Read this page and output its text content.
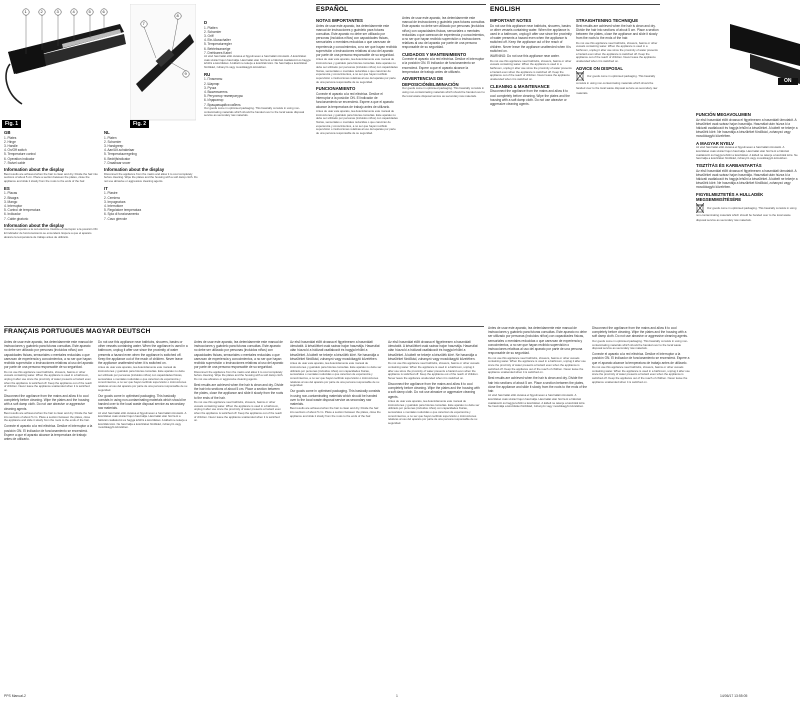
1	2	3	4	5	6
Fig. 1
7
8
9
Fig. 2
ON
GB
1. Plates
2. Hinge
3. Handle
4. On/Off switch
5. Temperature control
6. Operation indicator
7. Swivel cable
Information about the display
Best results are achieved when the hair is clean and dry. Divide the hair into sections of about 5 cm. Place a section between the plates, close the appliance and slide it slowly from the roots to the ends of the hair.
ES
1. Placas
2. Bisagra
3. Mango
4. Interruptor
5. Control de temperatura
6. Indicador
7. Cable giratorio
Information about the display
Conecte el aparato a la red eléctrica. Deslice el interruptor a la posición ON. El indicador de funcionamiento se encenderá. Espere a que el aparato alcance la temperatura de trabajo antes de utilizarlo.
NL
1. Platen
2. Scharnier
3. Handgreep
4. Aan/Uit-schakelaar
5. Temperatuurregeling
6. Bedrijfsindicator
7. Draaibaar snoer
Information about the display
Disconnect the appliance from the mains and allow it to cool completely before cleaning. Wipe the plates and the housing with a soft damp cloth. Do not use abrasive or aggressive cleaning agents.
IT
1. Piastre
2. Cerniera
3. Impugnatura
4. Interruttore
5. Regolatore temperatura
6. Spia di funzionamento
7. Cavo girevole
D
1. Platten
2. Scharnier
3. Griff
4. Ein-/Ausschalter
5. Temperaturregler
6. Betriebsanzeige
7. Drehbares Kabel
Az első használat előtt olvassa el figyelmesen a használati útmutatót. A készüléket csak száraz hajon használja. Használat után húzza ki a hálózati csatlakozót és hagyja lehűlni a készüléket. A kábelt ne tekerje a készülék köré. Ne használja a készüléket fürdőkád, zuhanyzó vagy mosdókagyló közelében.
RU
1. Пластины
2. Шарнир
3. Ручка
4. Выключатель
5. Регулятор температуры
6. Индикатор
7. Вращающийся кабель
Our goods come in optimised packaging. This basically consists in using non-contaminating materials which should be handed over to the local waste disposal service as secondary raw materials.
ESPAÑOL
NOTAS IMPORTANTES

Antes de usar este aparato, lea detenidamente este manual de instrucciones y guárdelo para futuras consultas. Este aparato no debe ser utilizado por personas (incluidos niños) con capacidades físicas, sensoriales o mentales reducidas o que carezcan de experiencia y conocimientos, a no ser que hayan recibido supervisión o instrucciones relativas al uso del aparato por parte de una persona responsable de su seguridad.

Antes de usar este aparato, lea detenidamente este manual de instrucciones y guárdelo para futuras consultas. Este aparato no debe ser utilizado por personas (incluidos niños) con capacidades físicas, sensoriales o mentales reducidas o que carezcan de experiencia y conocimientos, a no ser que hayan recibido supervisión o instrucciones relativas al uso del aparato por parte de una persona responsable de su seguridad.

FUNCIONAMIENTO

Conecte el aparato a la red eléctrica. Deslice el interruptor a la posición ON. El indicador de funcionamiento se encenderá. Espere a que el aparato alcance la temperatura de trabajo antes de utilizarlo.

Antes de usar este aparato, lea detenidamente este manual de instrucciones y guárdelo para futuras consultas. Este aparato no debe ser utilizado por personas (incluidos niños) con capacidades físicas, sensoriales o mentales reducidas o que carezcan de experiencia y conocimientos, a no ser que hayan recibido supervisión o instrucciones relativas al uso del aparato por parte de una persona responsable de su seguridad.

Antes de usar este aparato, lea detenidamente este manual de instrucciones y guárdelo para futuras consultas. Este aparato no debe ser utilizado por personas (incluidos niños) con capacidades físicas, sensoriales o mentales reducidas o que carezcan de experiencia y conocimientos, a no ser que hayan recibido supervisión o instrucciones relativas al uso del aparato por parte de una persona responsable de su seguridad.

CUIDADOS Y MANTENIMIENTO

Conecte el aparato a la red eléctrica. Deslice el interruptor a la posición ON. El indicador de funcionamiento se encenderá. Espere a que el aparato alcance la temperatura de trabajo antes de utilizarlo.

ADVERTENCIAS DE DEPOSICIÓN/ELIMINACIÓN

Our goods come in optimised packaging. This basically consists in using non-contaminating materials which should be handed over to the local waste disposal service as secondary raw materials.

ENGLISH
IMPORTANT NOTES

Do not use this appliance near bathtubs, showers, basins or other vessels containing water. When the appliance is used in a bathroom, unplug it after use since the proximity of water presents a hazard even when the appliance is switched off. Keep the appliance out of the reach of children. Never leave the appliance unattended when it is switched on.

WARNING: Do not use this appliance near water.

Do not use this appliance near bathtubs, showers, basins or other vessels containing water. When the appliance is used in a bathroom, unplug it after use since the proximity of water presents a hazard even when the appliance is switched off. Keep the appliance out of the reach of children. Never leave the appliance unattended when it is switched on.

CLEANING & MAINTENANCE

Disconnect the appliance from the mains and allow it to cool completely before cleaning. Wipe the plates and the housing with a soft damp cloth. Do not use abrasive or aggressive cleaning agents.

STRAIGHTENING TECHNIQUE

Best results are achieved when the hair is clean and dry. Divide the hair into sections of about 5 cm. Place a section between the plates, close the appliance and slide it slowly from the roots to the ends of the hair.

Do not use this appliance near bathtubs, showers, basins or other vessels containing water. When the appliance is used in a bathroom, unplug it after use since the proximity of water presents a hazard even when the appliance is switched off. Keep the appliance out of the reach of children. Never leave the appliance unattended when it is switched on.

ADVICE ON DISPOSAL
Our goods come in optimised packaging. This basically consists in using non-contaminating materials which should be handed over to the local waste disposal service as secondary raw materials.
FRANÇAIS PORTUGUES MAGYAR DEUTSCH

Antes de usar este aparato, lea detenidamente este manual de instrucciones y guárdelo para futuras consultas. Este aparato no debe ser utilizado por personas (incluidos niños) con capacidades físicas, sensoriales o mentales reducidas o que carezcan de experiencia y conocimientos, a no ser que hayan recibido supervisión o instrucciones relativas al uso del aparato por parte de una persona responsable de su seguridad.

Do not use this appliance near bathtubs, showers, basins or other vessels containing water. When the appliance is used in a bathroom, unplug it after use since the proximity of water presents a hazard even when the appliance is switched off. Keep the appliance out of the reach of children. Never leave the appliance unattended when it is switched on.

Disconnect the appliance from the mains and allow it to cool completely before cleaning. Wipe the plates and the housing with a soft damp cloth. Do not use abrasive or aggressive cleaning agents.

Best results are achieved when the hair is clean and dry. Divide the hair into sections of about 5 cm. Place a section between the plates, close the appliance and slide it slowly from the roots to the ends of the hair.

Conecte el aparato a la red eléctrica. Deslice el interruptor a la posición ON. El indicador de funcionamiento se encenderá. Espere a que el aparato alcance la temperatura de trabajo antes de utilizarlo.

Do not use this appliance near bathtubs, showers, basins or other vessels containing water. When the appliance is used in a bathroom, unplug it after use since the proximity of water presents a hazard even when the appliance is switched off. Keep the appliance out of the reach of children. Never leave the appliance unattended when it is switched on.

Antes de usar este aparato, lea detenidamente este manual de instrucciones y guárdelo para futuras consultas. Este aparato no debe ser utilizado por personas (incluidos niños) con capacidades físicas, sensoriales o mentales reducidas o que carezcan de experiencia y conocimientos, a no ser que hayan recibido supervisión o instrucciones relativas al uso del aparato por parte de una persona responsable de su seguridad.

Our goods come in optimised packaging. This basically consists in using non-contaminating materials which should be handed over to the local waste disposal service as secondary raw materials.

Az első használat előtt olvassa el figyelmesen a használati útmutatót. A készüléket csak száraz hajon használja. Használat után húzza ki a hálózati csatlakozót és hagyja lehűlni a készüléket. A kábelt ne tekerje a készülék köré. Ne használja a készüléket fürdőkád, zuhanyzó vagy mosdókagyló közelében.

Antes de usar este aparato, lea detenidamente este manual de instrucciones y guárdelo para futuras consultas. Este aparato no debe ser utilizado por personas (incluidos niños) con capacidades físicas, sensoriales o mentales reducidas o que carezcan de experiencia y conocimientos, a no ser que hayan recibido supervisión o instrucciones relativas al uso del aparato por parte de una persona responsable de su seguridad.

Disconnect the appliance from the mains and allow it to cool completely before cleaning. Wipe the plates and the housing with a soft damp cloth. Do not use abrasive or aggressive cleaning agents.

Best results are achieved when the hair is clean and dry. Divide the hair into sections of about 5 cm. Place a section between the plates, close the appliance and slide it slowly from the roots to the ends of the hair.

Do not use this appliance near bathtubs, showers, basins or other vessels containing water. When the appliance is used in a bathroom, unplug it after use since the proximity of water presents a hazard even when the appliance is switched off. Keep the appliance out of the reach of children. Never leave the appliance unattended when it is switched on.

Az első használat előtt olvassa el figyelmesen a használati útmutatót. A készüléket csak száraz hajon használja. Használat után húzza ki a hálózati csatlakozót és hagyja lehűlni a készüléket. A kábelt ne tekerje a készülék köré. Ne használja a készüléket fürdőkád, zuhanyzó vagy mosdókagyló közelében.

Antes de usar este aparato, lea detenidamente este manual de instrucciones y guárdelo para futuras consultas. Este aparato no debe ser utilizado por personas (incluidos niños) con capacidades físicas, sensoriales o mentales reducidas o que carezcan de experiencia y conocimientos, a no ser que hayan recibido supervisión o instrucciones relativas al uso del aparato por parte de una persona responsable de su seguridad.

Our goods come in optimised packaging. This basically consists in using non-contaminating materials which should be handed over to the local waste disposal service as secondary raw materials.

Best results are achieved when the hair is clean and dry. Divide the hair into sections of about 5 cm. Place a section between the plates, close the appliance and slide it slowly from the roots to the ends of the hair.

Az első használat előtt olvassa el figyelmesen a használati útmutatót. A készüléket csak száraz hajon használja. Használat után húzza ki a hálózati csatlakozót és hagyja lehűlni a készüléket. A kábelt ne tekerje a készülék köré. Ne használja a készüléket fürdőkád, zuhanyzó vagy mosdókagyló közelében.

Do not use this appliance near bathtubs, showers, basins or other vessels containing water. When the appliance is used in a bathroom, unplug it after use since the proximity of water presents a hazard even when the appliance is switched off. Keep the appliance out of the reach of children. Never leave the appliance unattended when it is switched on.

Disconnect the appliance from the mains and allow it to cool completely before cleaning. Wipe the plates and the housing with a soft damp cloth. Do not use abrasive or aggressive cleaning agents.

Antes de usar este aparato, lea detenidamente este manual de instrucciones y guárdelo para futuras consultas. Este aparato no debe ser utilizado por personas (incluidos niños) con capacidades físicas, sensoriales o mentales reducidas o que carezcan de experiencia y conocimientos, a no ser que hayan recibido supervisión o instrucciones relativas al uso del aparato por parte de una persona responsable de su seguridad.

Antes de usar este aparato, lea detenidamente este manual de instrucciones y guárdelo para futuras consultas. Este aparato no debe ser utilizado por personas (incluidos niños) con capacidades físicas, sensoriales o mentales reducidas o que carezcan de experiencia y conocimientos, a no ser que hayan recibido supervisión o instrucciones relativas al uso del aparato por parte de una persona responsable de su seguridad.

Do not use this appliance near bathtubs, showers, basins or other vessels containing water. When the appliance is used in a bathroom, unplug it after use since the proximity of water presents a hazard even when the appliance is switched off. Keep the appliance out of the reach of children. Never leave the appliance unattended when it is switched on.

Best results are achieved when the hair is clean and dry. Divide the hair into sections of about 5 cm. Place a section between the plates, close the appliance and slide it slowly from the roots to the ends of the hair.

Az első használat előtt olvassa el figyelmesen a használati útmutatót. A készüléket csak száraz hajon használja. Használat után húzza ki a hálózati csatlakozót és hagyja lehűlni a készüléket. A kábelt ne tekerje a készülék köré. Ne használja a készüléket fürdőkád, zuhanyzó vagy mosdókagyló közelében.

Disconnect the appliance from the mains and allow it to cool completely before cleaning. Wipe the plates and the housing with a soft damp cloth. Do not use abrasive or aggressive cleaning agents.

Our goods come in optimised packaging. This basically consists in using non-contaminating materials which should be handed over to the local waste disposal service as secondary raw materials.

Conecte el aparato a la red eléctrica. Deslice el interruptor a la posición ON. El indicador de funcionamiento se encenderá. Espere a que el aparato alcance la temperatura de trabajo antes de utilizarlo.

Do not use this appliance near bathtubs, showers, basins or other vessels containing water. When the appliance is used in a bathroom, unplug it after use since the proximity of water presents a hazard even when the appliance is switched off. Keep the appliance out of the reach of children. Never leave the appliance unattended when it is switched on.

FUNCIÓN MEGAVOLUMEN

Az első használat előtt olvassa el figyelmesen a használati útmutatót. A készüléket csak száraz hajon használja. Használat után húzza ki a hálózati csatlakozót és hagyja lehűlni a készüléket. A kábelt ne tekerje a készülék köré. Ne használja a készüléket fürdőkád, zuhanyzó vagy mosdókagyló közelében.

A MAGYAR NYELV

Az első használat előtt olvassa el figyelmesen a használati útmutatót. A készüléket csak száraz hajon használja. Használat után húzza ki a hálózati csatlakozót és hagyja lehűlni a készüléket. A kábelt ne tekerje a készülék köré. Ne használja a készüléket fürdőkád, zuhanyzó vagy mosdókagyló közelében.

TISZTÍTÁS ÉS KARBANTARTÁS

Az első használat előtt olvassa el figyelmesen a használati útmutatót. A készüléket csak száraz hajon használja. Használat után húzza ki a hálózati csatlakozót és hagyja lehűlni a készüléket. A kábelt ne tekerje a készülék köré. Ne használja a készüléket fürdőkád, zuhanyzó vagy mosdókagyló közelében.

FIGYELMEZTETÉS A HULLADÉK MEGSEMMISÍTÉSÉRE
Our goods come in optimised packaging. This basically consists in using non-contaminating materials which should be handed over to the local waste disposal service as secondary raw materials.
PPS Manual-2	1	14/06/17 13:55:05
